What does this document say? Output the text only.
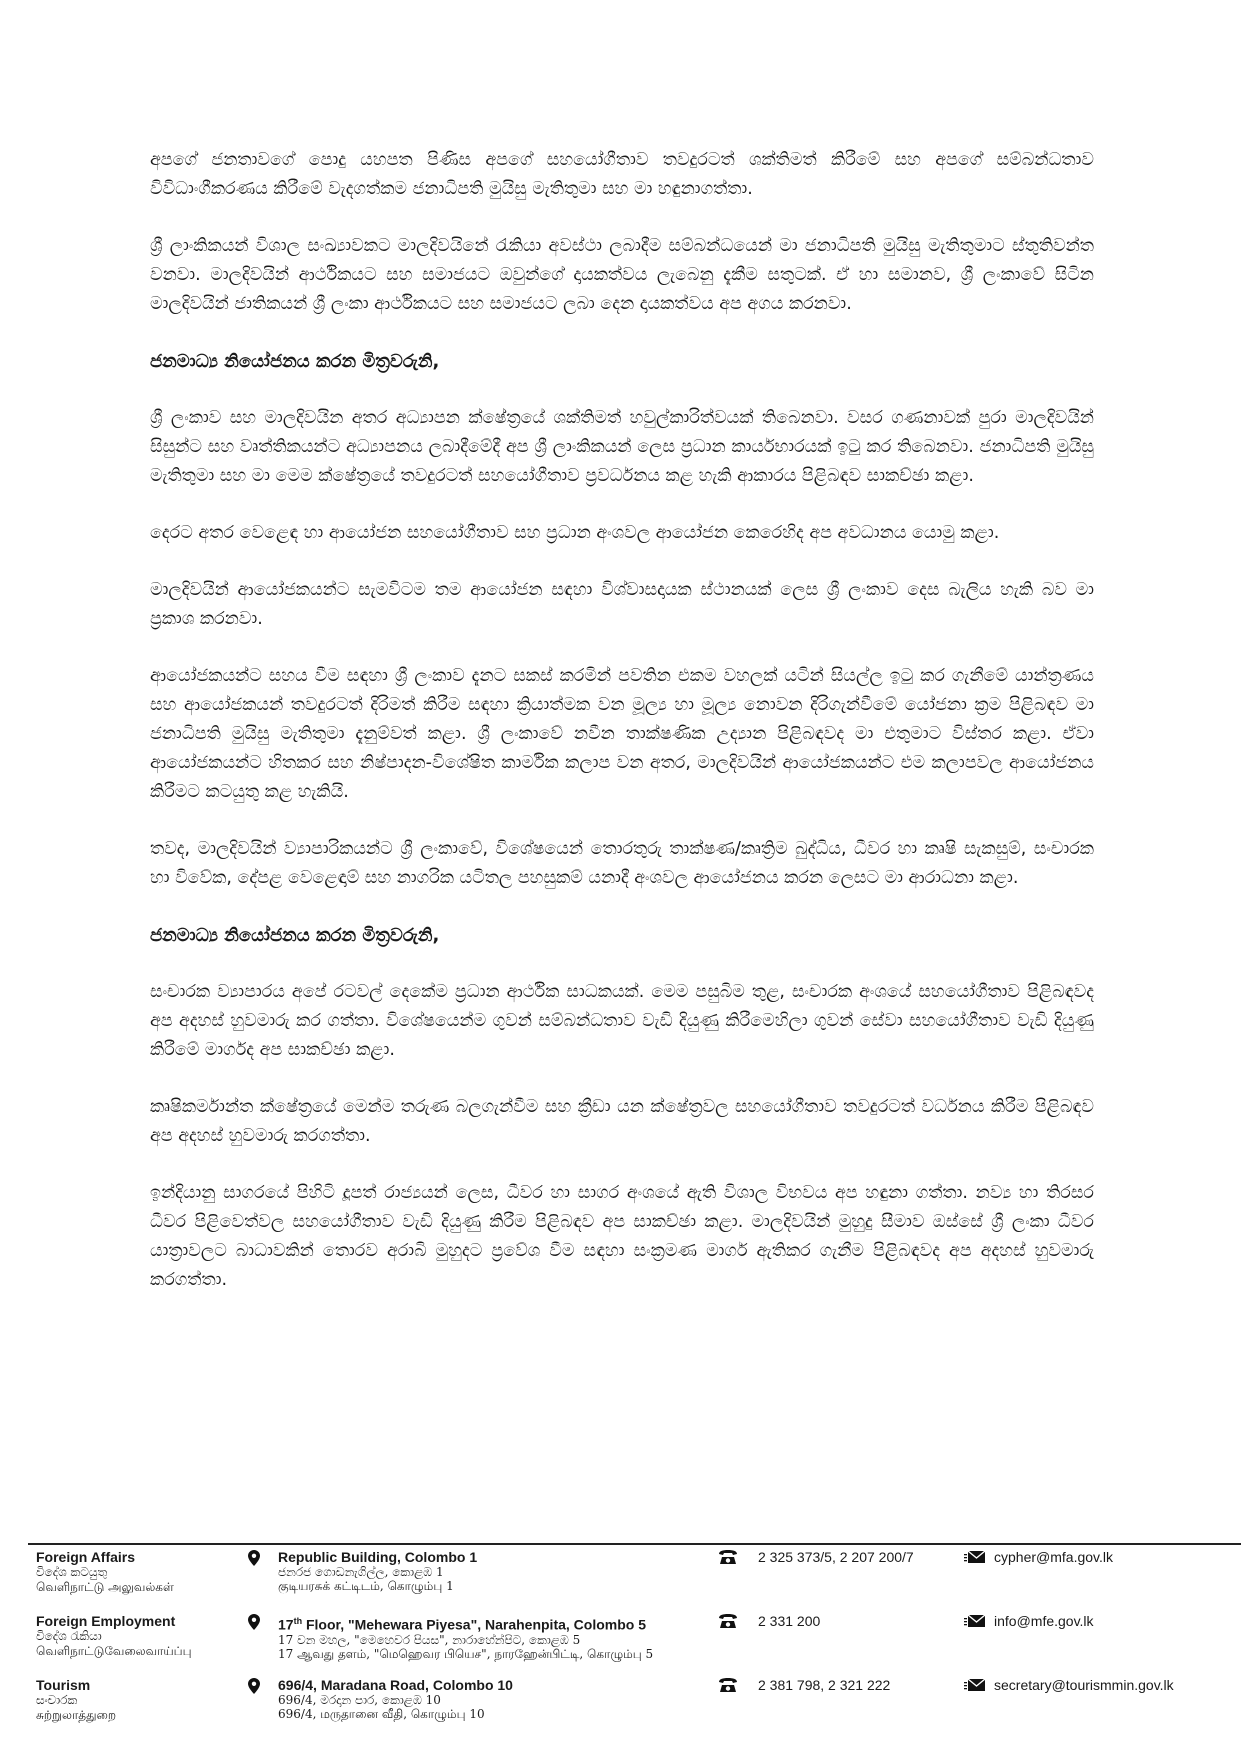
අපගේ ජනතාවගේ පොදු යහපත පිණිස අපගේ සහයෝගීතාව තවදුරටත් ශක්තිමත් කිරීමේ සහ අපගේ සම්බන්ධතාව විවිධාංගීකරණය කිරීමේ වැදගත්කම ජනාධිපති මුයිසු මැතිතුමා සහ මා හඳුනාගත්තා.

ශ්‍රී ලාංකිකයන් විශාල සංඛ්‍යාවකට මාලදිවයිනේ රැකියා අවස්ථා ලබාදීම සම්බන්ධයෙන් මා ජනාධිපති මුයිසු මැතිතුමාට ස්තුතිවන්ත වනවා. මාලදිවයින් ආර්ථිකයට සහ සමාජයට ඔවුන්ගේ දායකත්වය ලැබෙනු දැකීම සතුටක්. ඒ හා සමානව, ශ්‍රී ලංකාවේ සිටින මාලදිවයින් ජාතිකයන් ශ්‍රී ලංකා ආර්ථිකයට සහ සමාජයට ලබා දෙන දායකත්වය අප අගය කරනවා.

ජනමාධ්‍ය නියෝජනය කරන මිත්‍රවරුනි,

ශ්‍රී ලංකාව සහ මාලදිවයින අතර අධ්‍යාපන ක්ෂේත්‍රයේ ශක්තිමත් හවුල්කාරිත්වයක් තිබෙනවා. වසර ගණනාවක් පුරා මාලදිවයින් සිසුන්ට සහ වෘත්තිකයන්ට අධ්‍යාපනය ලබාදීමේදී අප ශ්‍රී ලාංකිකයන් ලෙස ප්‍රධාන කාර්යභාරයක් ඉටු කර තිබෙනවා. ජනාධිපති මුයිසු මැතිතුමා සහ මා මෙම ක්ෂේත්‍රයේ තවදුරටත් සහයෝගීතාව ප්‍රවර්ධනය කළ හැකි ආකාරය පිළිබඳව සාකච්ඡා කළා.

දෙරට අතර වෙළෙඳ හා ආයෝජන සහයෝගීතාව සහ ප්‍රධාන අංශවල ආයෝජන කෙරෙහිද අප අවධානය යොමු කළා.

මාලදිවයින් ආයෝජකයන්ට සැමවිටම තම ආයෝජන සඳහා විශ්වාසදායක ස්ථානයක් ලෙස ශ්‍රී ලංකාව දෙස බැලිය හැකි බව මා ප්‍රකාශ කරනවා.

ආයෝජකයන්ට සහය වීම සඳහා ශ්‍රී ලංකාව දැනට සකස් කරමින් පවතින එකම වහලක් යටින් සියල්ල ඉටු කර ගැනීමේ යාන්ත්‍රණය සහ ආයෝජකයන් තවදුරටත් දිරිමත් කිරීම සඳහා ක්‍රියාත්මක වන මූල්‍ය හා මූල්‍ය නොවන දිරිගැන්වීමේ යෝජනා ක්‍රම පිළිබඳව මා ජනාධිපති මුයිසු මැතිතුමා දැනුම්වත් කළා. ශ්‍රී ලංකාවේ නවීන තාක්ෂණික උද්‍යාන පිළිබඳවද මා එතුමාට විස්තර කළා. ඒවා ආයෝජකයන්ට හිතකර සහ නිෂ්පාදන-විශේෂිත කාර්මික කලාප වන අතර, මාලදිවයින් ආයෝජකයන්ට එම කලාපවල ආයෝජනය කිරීමට කටයුතු කළ හැකියි.

තවද, මාලදිවයින් ව්‍යාපාරිකයන්ට ශ්‍රී ලංකාවේ, විශේෂයෙන් තොරතුරු තාක්ෂණ/කෘත්‍රිම බුද්ධිය, ධීවර හා කෘෂි සැකසුම්, සංචාරක හා විවේක, දේපළ වෙළෙඳාම් සහ නාගරික යටිතල පහසුකම් යනාදී අංශවල ආයෝජනය කරන ලෙසට මා ආරාධනා කළා.

ජනමාධ්‍ය නියෝජනය කරන මිත්‍රවරුනි,

සංචාරක ව්‍යාපාරය අපේ රටවල් දෙකේම ප්‍රධාන ආර්ථික සාධකයක්. මෙම පසුබිම තුළ, සංචාරක අංශයේ සහයෝගීතාව පිළිබඳවද අප අදහස් හුවමාරු කර ගත්තා. විශේෂයෙන්ම ගුවන් සම්බන්ධතාව වැඩි දියුණු කිරීමෙහිලා ගුවන් සේවා සහයෝගීතාව වැඩි දියුණු කිරීමේ මාර්ගද අප සාකච්ඡා කළා.

කෘෂිකර්මාන්ත ක්ෂේත්‍රයේ මෙන්ම තරුණ බලගැන්වීම සහ ක්‍රීඩා යන ක්ෂේත්‍රවල සහයෝගීතාව තවදුරටත් වර්ධනය කිරීම පිළිබඳව අප අදහස් හුවමාරු කරගත්තා.

ඉන්දියානු සාගරයේ පිහිටි දූපත් රාජ්‍යයන් ලෙස, ධීවර හා සාගර අංශයේ ඇති විශාල විභවය අප හඳුනා ගත්තා. නව්‍ය හා තිරසර ධීවර පිළිවෙත්වල සහයෝගීතාව වැඩි දියුණු කිරීම පිළිබඳව අප සාකච්ඡා කළා. මාලදිවයින් මුහුදු සීමාව ඔස්සේ ශ්‍රී ලංකා ධීවර යාත්‍රාවලට බාධාවකින් තොරව අරාබි මුහුදට ප්‍රවේශ වීම සඳහා සංක්‍රමණ මාර්ග ඇතිකර ගැනීම පිළිබඳවද අප අදහස් හුවමාරු කරගත්තා.

Foreign Affairs
විදේශ කටයුතු
வெளிநாட்டு அலுவல்கள்
Republic Building, Colombo 1
ජනරජ ගොඩනැගිල්ල, කොළඹ 1
குடியரசுக் கட்டிடம், கொழும்பு 1
2 325 373/5, 2 207 200/7	cypher@mfa.gov.lk
Foreign Employment
විදේශ රැකියා
வெளிநாட்டுவேலைவாய்ப்பு
17th Floor, "Mehewara Piyesa", Narahenpita, Colombo 5
17 වන මහල, "මෙහෙවර පියස", නාරාහේන්පිට, කොළඹ 5
17 ஆவது தளம், "மெஹெவர பியெச", நாரஹேன்பிட்டி, கொழும்பு 5
2 331 200	info@mfe.gov.lk
Tourism
සංචාරක
சுற்றுலாத்துறை
696/4, Maradana Road, Colombo 10
696/4, මරදාන පාර, කොළඹ 10
696/4, மருதானை வீதி, கொழும்பு 10
2 381 798, 2 321 222	secretary@tourismmin.gov.lk
